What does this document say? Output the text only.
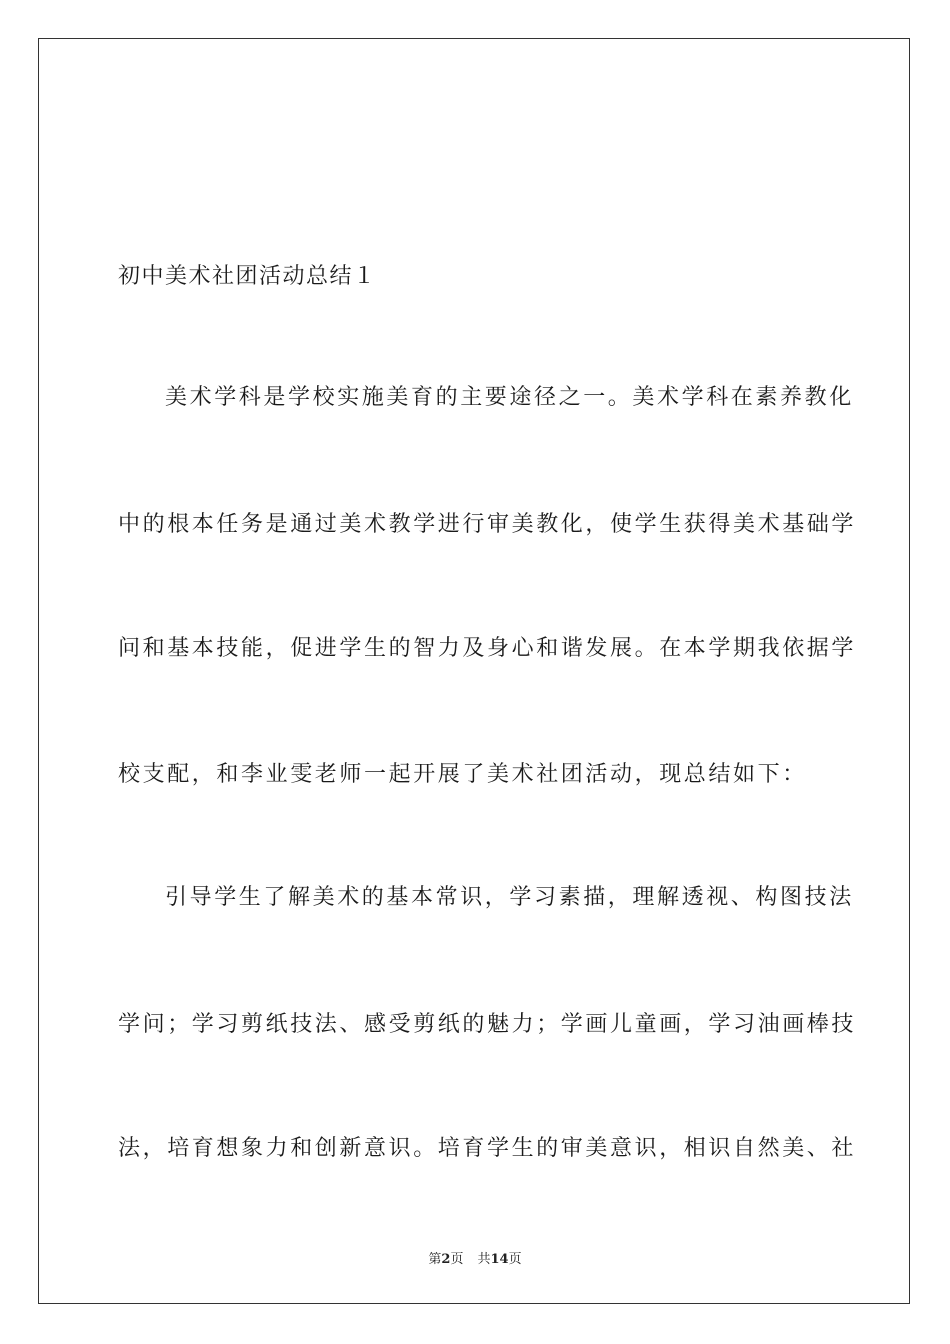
初中美术社团活动总结１
美术学科是学校实施美育的主要途径之一。美术学科在素养教化
中的根本任务是通过美术教学进行审美教化，使学生获得美术基础学
问和基本技能，促进学生的智力及身心和谐发展。在本学期我依据学
校支配，和李业雯老师一起开展了美术社团活动，现总结如下：
引导学生了解美术的基本常识，学习素描，理解透视、构图技法
学问；学习剪纸技法、感受剪纸的魅力；学画儿童画，学习油画棒技
法，培育想象力和创新意识。培育学生的审美意识，相识自然美、社
第2页 共14页
